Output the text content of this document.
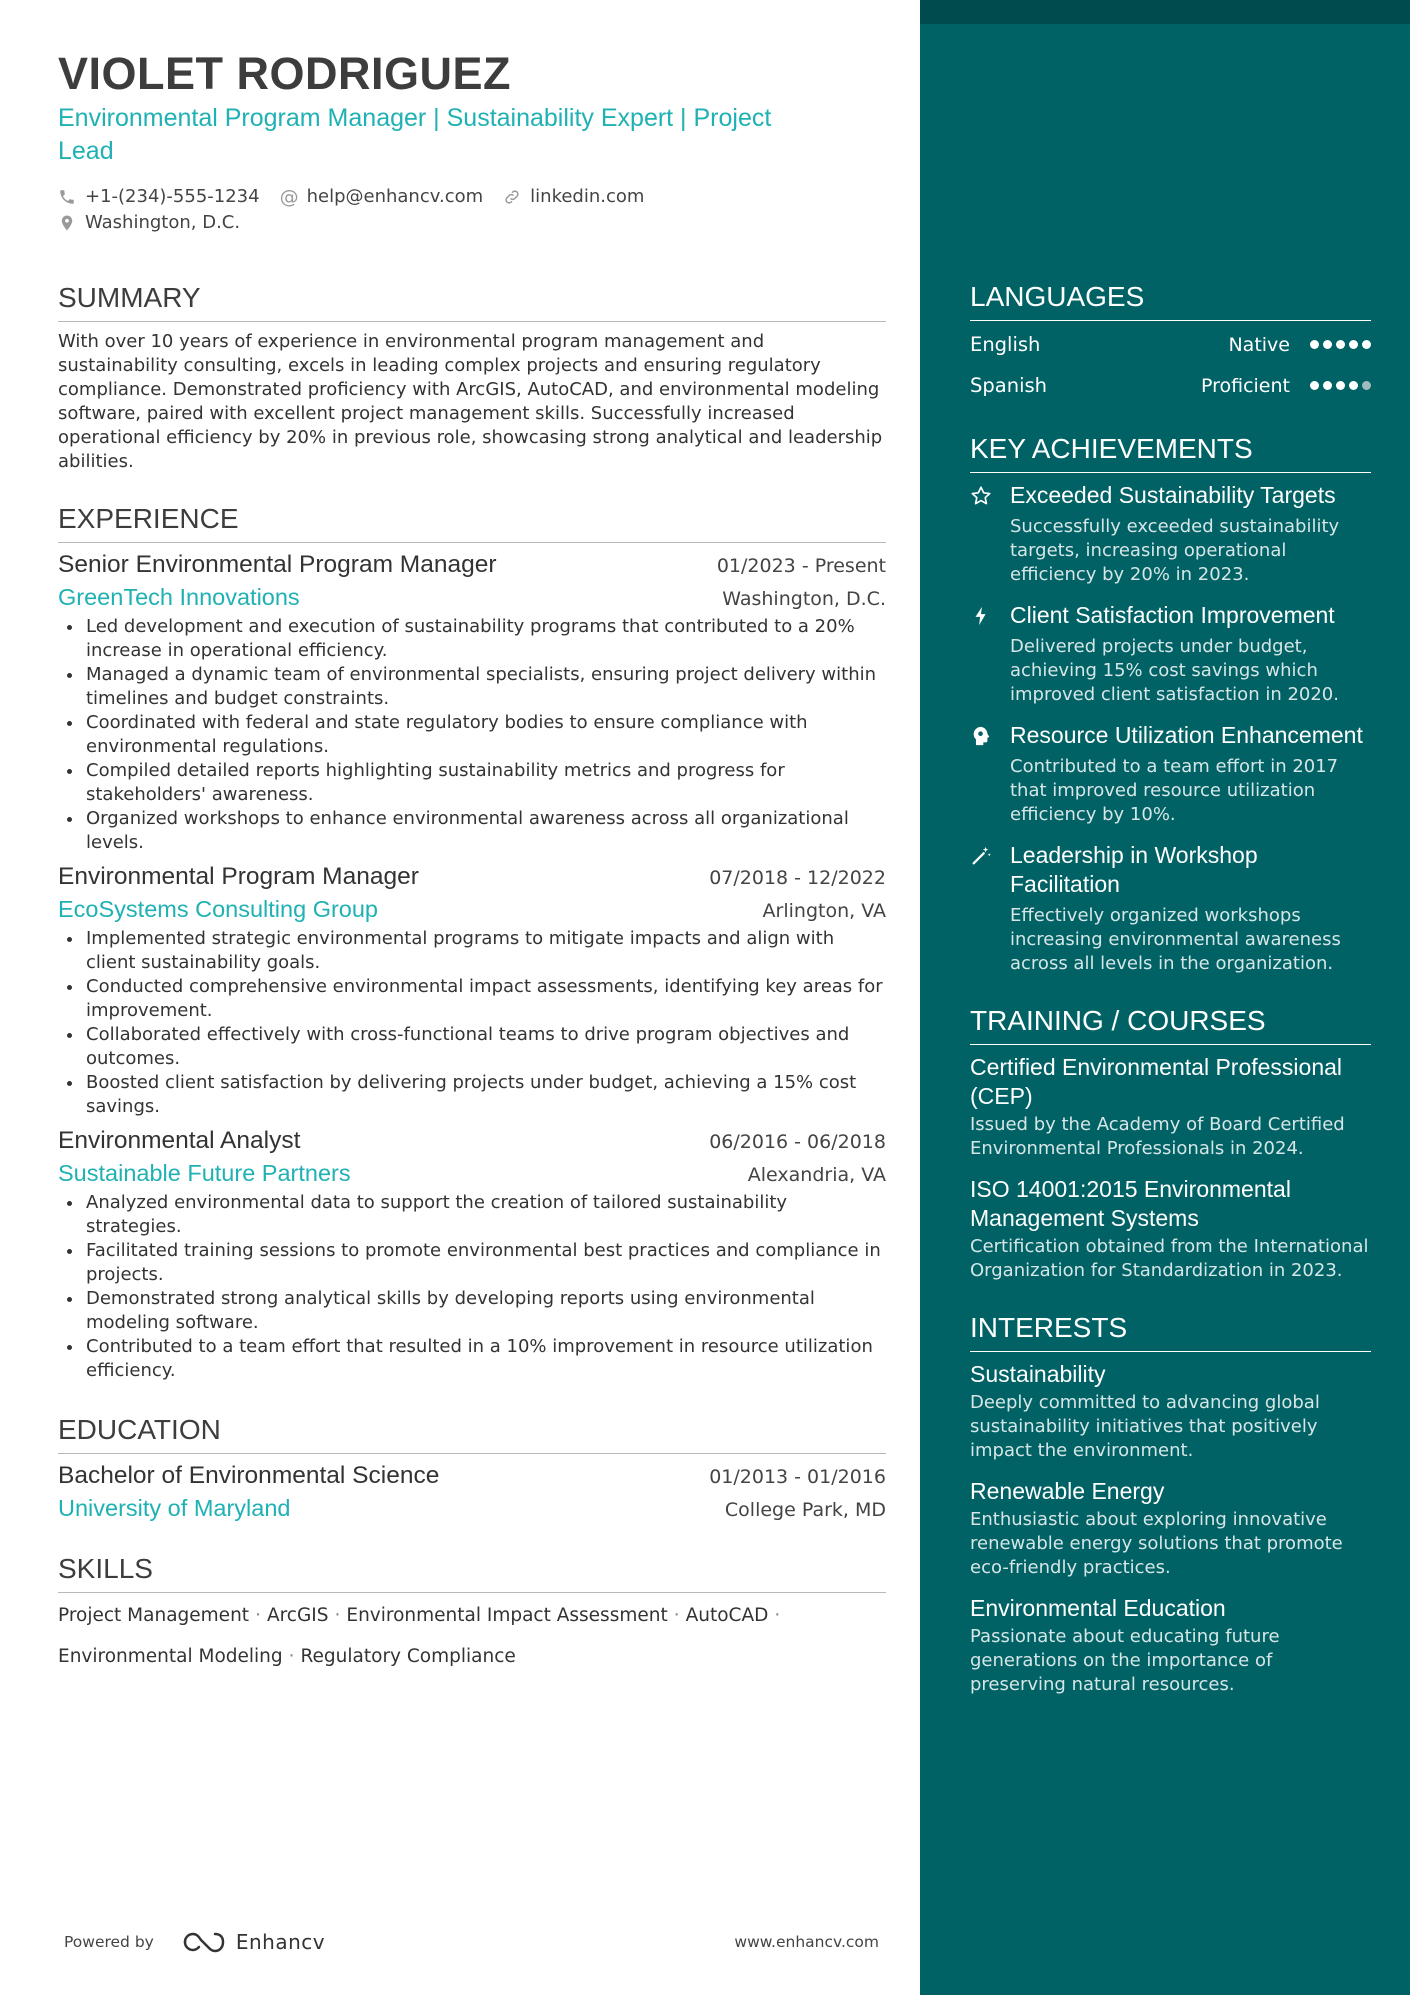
VIOLET RODRIGUEZ
Environmental Program Manager | Sustainability Expert | Project Lead
+1-(234)-555-1234 @ help@enhancv.com	linkedin.com
Washington, D.C.
SUMMARY
With over 10 years of experience in environmental program management and sustainability consulting, excels in leading complex projects and ensuring regulatory compliance. Demonstrated proficiency with ArcGIS, AutoCAD, and environmental modeling software, paired with excellent project management skills. Successfully increased operational efficiency by 20% in previous role, showcasing strong analytical and leadership abilities.
EXPERIENCE
Senior Environmental Program Manager	01/2023 - Present
GreenTech Innovations	Washington, D.C.
Led development and execution of sustainability programs that contributed to a 20% increase in operational efficiency.
Managed a dynamic team of environmental specialists, ensuring project delivery within timelines and budget constraints.
Coordinated with federal and state regulatory bodies to ensure compliance with environmental regulations.
Compiled detailed reports highlighting sustainability metrics and progress for stakeholders' awareness.
Organized workshops to enhance environmental awareness across all organizational levels.
Environmental Program Manager	07/2018 - 12/2022
EcoSystems Consulting Group	Arlington, VA
Implemented strategic environmental programs to mitigate impacts and align with client sustainability goals.
Conducted comprehensive environmental impact assessments, identifying key areas for improvement.
Collaborated effectively with cross-functional teams to drive program objectives and outcomes.
Boosted client satisfaction by delivering projects under budget, achieving a 15% cost savings.
Environmental Analyst	06/2016 - 06/2018
Sustainable Future Partners	Alexandria, VA
Analyzed environmental data to support the creation of tailored sustainability strategies.
Facilitated training sessions to promote environmental best practices and compliance in projects.
Demonstrated strong analytical skills by developing reports using environmental modeling software.
Contributed to a team effort that resulted in a 10% improvement in resource utilization efficiency.
EDUCATION
Bachelor of Environmental Science	01/2013 - 01/2016
University of Maryland	College Park, MD
SKILLS
Project Management · ArcGIS · Environmental Impact Assessment · AutoCAD ·
Environmental Modeling · Regulatory Compliance
Powered by	Enhancv	www.enhancv.com
LANGUAGES
English	Native
Spanish	Proficient
KEY ACHIEVEMENTS
Exceeded Sustainability Targets
Successfully exceeded sustainability targets, increasing operational efficiency by 20% in 2023.
Client Satisfaction Improvement
Delivered projects under budget, achieving 15% cost savings which improved client satisfaction in 2020.
Resource Utilization Enhancement
Contributed to a team effort in 2017 that improved resource utilization efficiency by 10%.
Leadership in Workshop Facilitation
Effectively organized workshops increasing environmental awareness across all levels in the organization.
TRAINING / COURSES
Certified Environmental Professional (CEP)
Issued by the Academy of Board Certified Environmental Professionals in 2024.
ISO 14001:2015 Environmental Management Systems
Certification obtained from the International Organization for Standardization in 2023.
INTERESTS
Sustainability
Deeply committed to advancing global sustainability initiatives that positively impact the environment.
Renewable Energy
Enthusiastic about exploring innovative renewable energy solutions that promote eco-friendly practices.
Environmental Education
Passionate about educating future generations on the importance of preserving natural resources.
